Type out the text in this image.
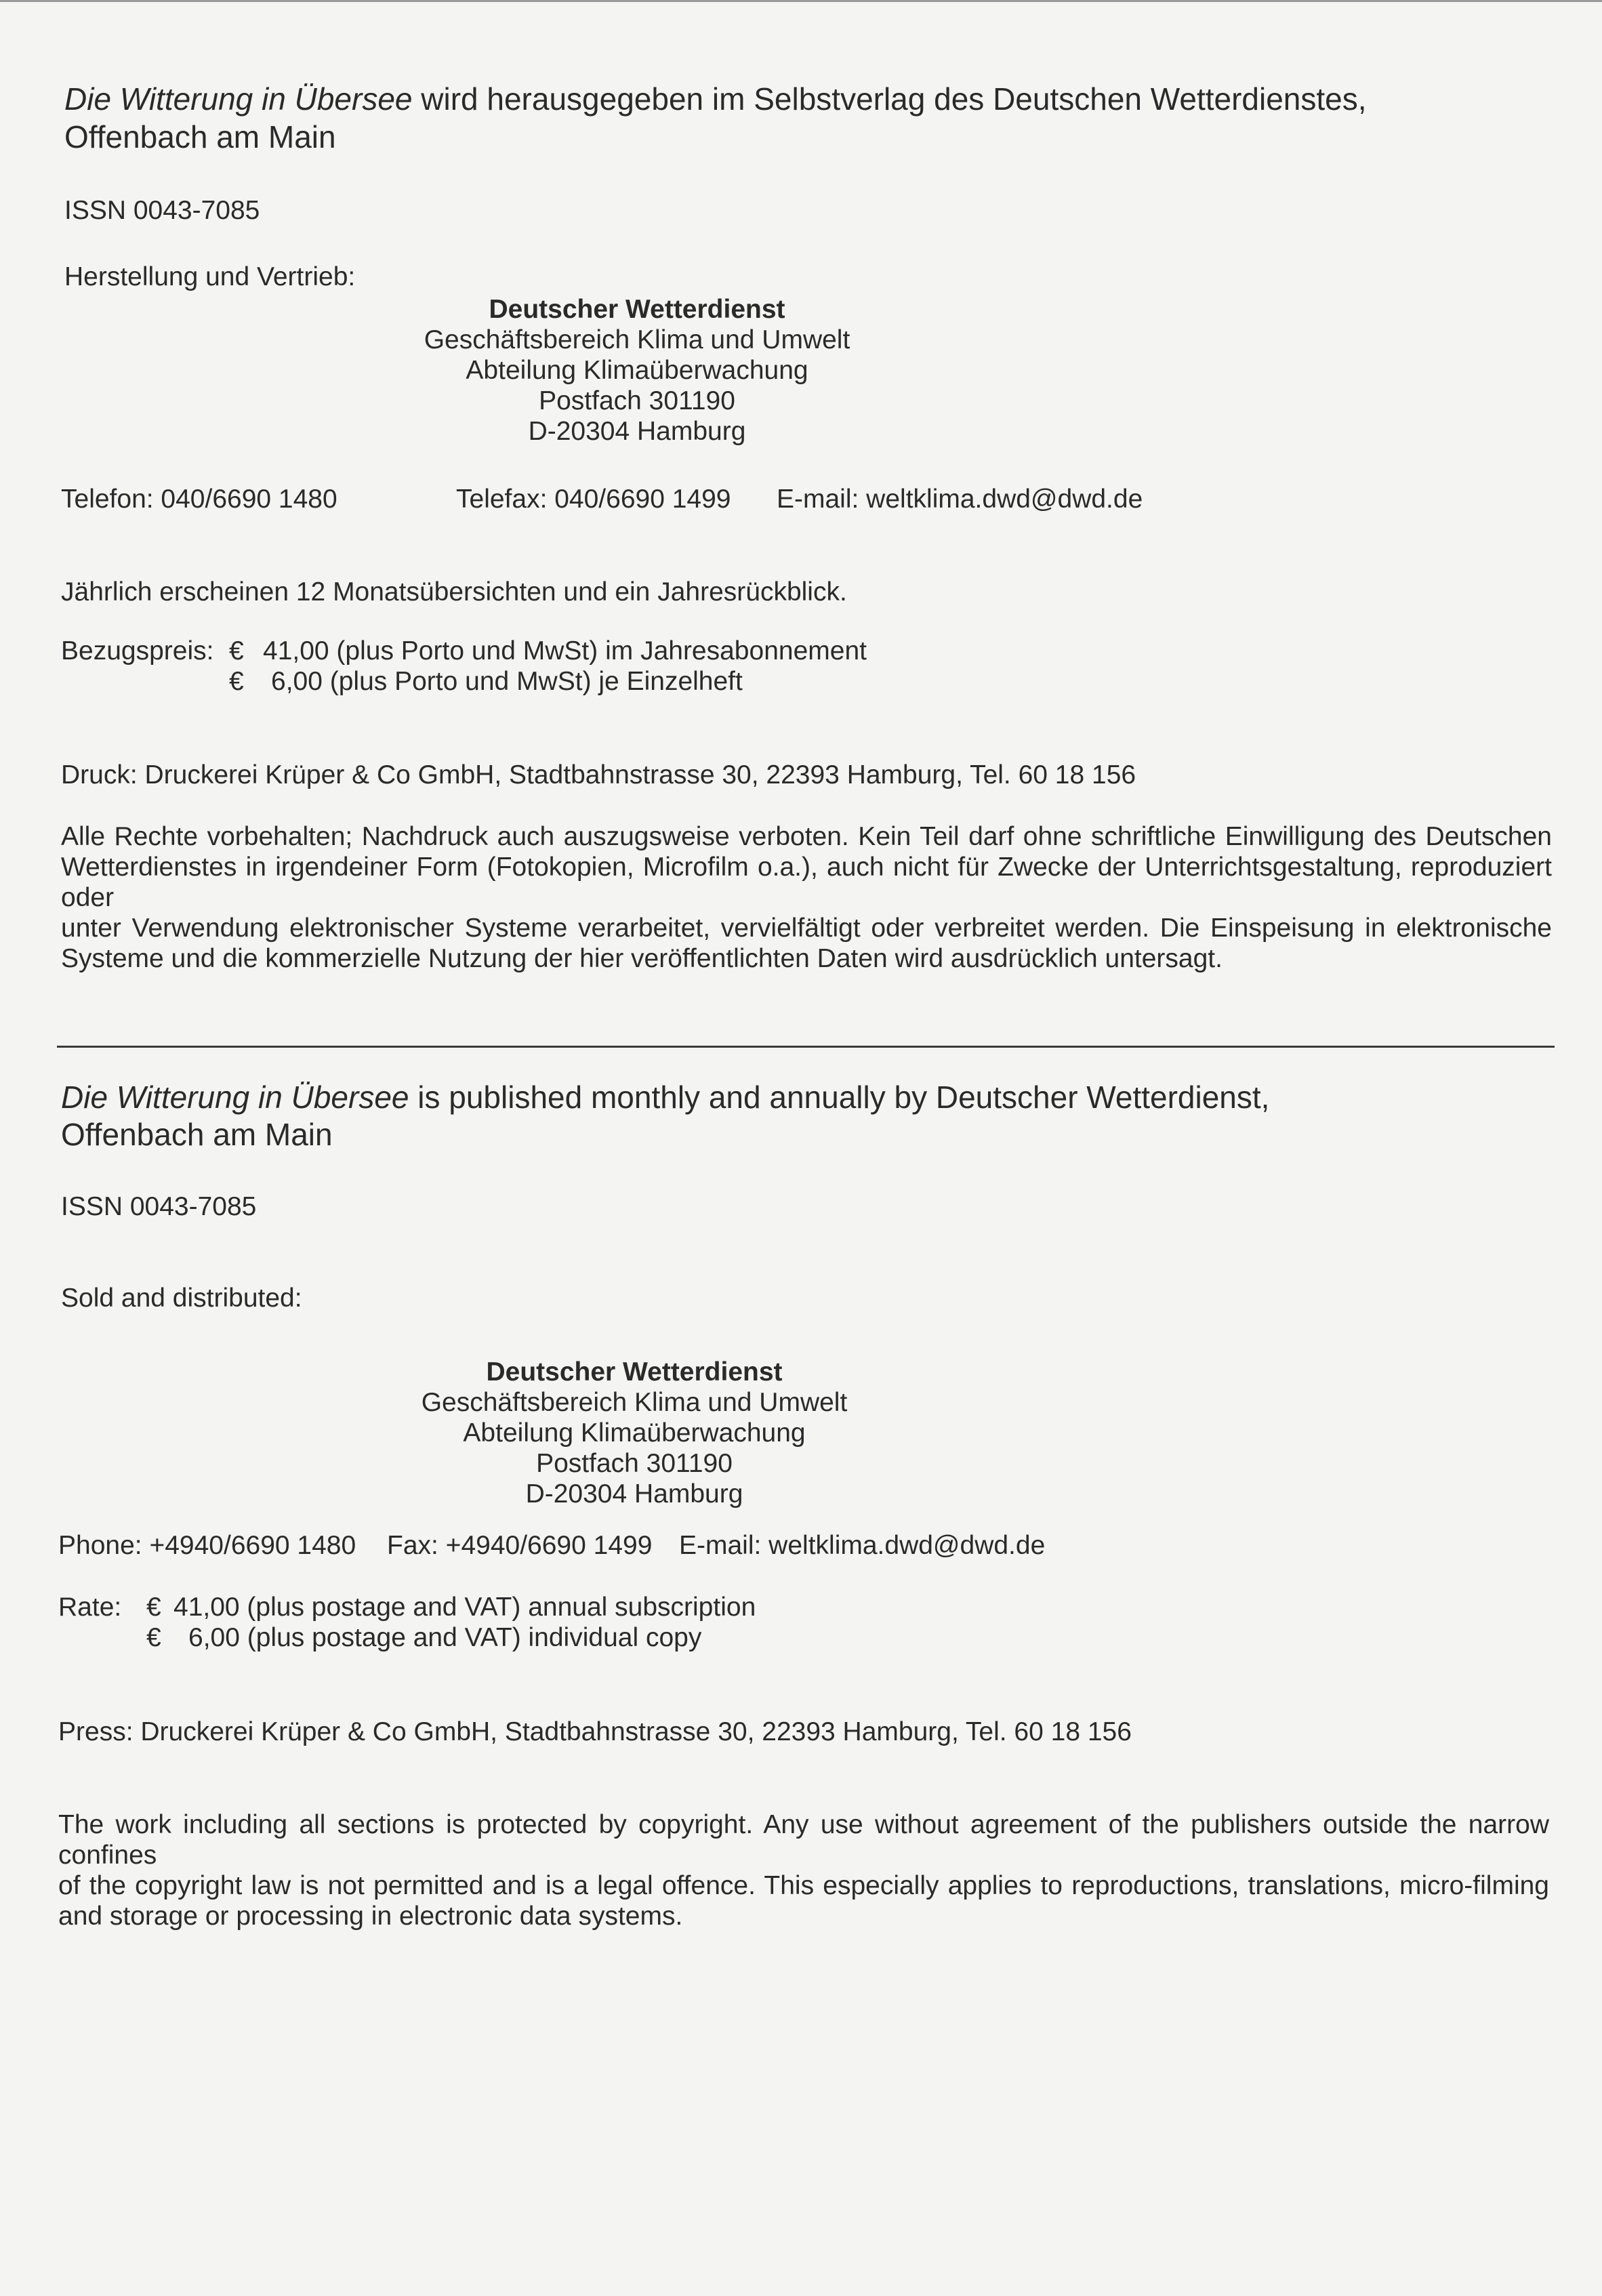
Die Witterung in Übersee wird herausgegeben im Selbstverlag des Deutschen Wetterdienstes,
Offenbach am Main
ISSN 0043-7085
Herstellung und Vertrieb:
Deutscher Wetterdienst
Geschäftsbereich Klima und Umwelt
Abteilung Klimaüberwachung
Postfach 301190
D-20304 Hamburg
Telefon: 040/6690 1480	Telefax: 040/6690 1499 E-mail: weltklima.dwd@dwd.de
Jährlich erscheinen 12 Monatsübersichten und ein Jahresrückblick.
Bezugspreis: € 41,00 (plus Porto und MwSt) im Jahresabonnement
€ 6,00 (plus Porto und MwSt) je Einzelheft
Druck: Druckerei Krüper & Co GmbH, Stadtbahnstrasse 30, 22393 Hamburg, Tel. 60 18 156
Alle Rechte vorbehalten; Nachdruck auch auszugsweise verboten. Kein Teil darf ohne schriftliche Einwilligung des Deutschen
Wetterdienstes in irgendeiner Form (Fotokopien, Microfilm o.a.), auch nicht für Zwecke der Unterrichtsgestaltung, reproduziert oder
unter Verwendung elektronischer Systeme verarbeitet, vervielfältigt oder verbreitet werden. Die Einspeisung in elektronische
Systeme und die kommerzielle Nutzung der hier veröffentlichten Daten wird ausdrücklich untersagt.
Die Witterung in Übersee is published monthly and annually by Deutscher Wetterdienst,
Offenbach am Main
ISSN 0043-7085
Sold and distributed:
Deutscher Wetterdienst
Geschäftsbereich Klima und Umwelt
Abteilung Klimaüberwachung
Postfach 301190
D-20304 Hamburg
Phone: +4940/6690 1480 Fax: +4940/6690 1499 E-mail: weltklima.dwd@dwd.de
Rate: € 41,00 (plus postage and VAT) annual subscription
€ 6,00 (plus postage and VAT) individual copy
Press: Druckerei Krüper & Co GmbH, Stadtbahnstrasse 30, 22393 Hamburg, Tel. 60 18 156
The work including all sections is protected by copyright. Any use without agreement of the publishers outside the narrow confines
of the copyright law is not permitted and is a legal offence. This especially applies to reproductions, translations, micro-filming
and storage or processing in electronic data systems.
